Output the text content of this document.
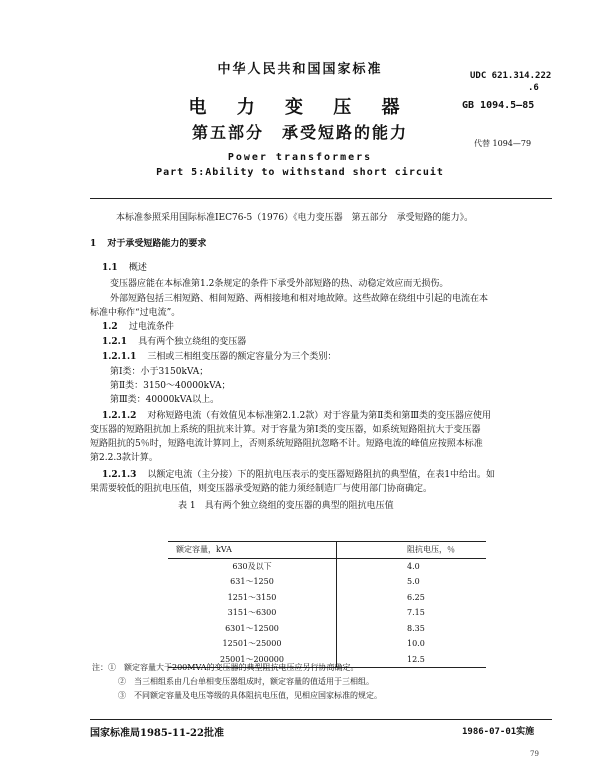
中华人民共和国国家标准	UDC 621.314.222
.6
GB 1094.5—85
代替 1094—79
电 力 变 压 器
第五部分　承受短路的能力
Power transformers
Part 5:Ability to withstand short circuit
本标准参照采用国际标准IEC76-5（1976）《电力变压器　第五部分　承受短路的能力》。
1 对于承受短路能力的要求
1.1 概述
变压器应能在本标准第1.2条规定的条件下承受外部短路的热、动稳定效应而无损伤。
外部短路包括三相短路、相间短路、两相接地和相对地故障。这些故障在绕组中引起的电流在本
标准中称作“过电流”。
1.2 过电流条件
1.2.1 具有两个独立绕组的变压器
1.2.1.1 三相或三相组变压器的额定容量分为三个类别：
第Ⅰ类：小于3150kVA；
第Ⅱ类：3150～40000kVA；
第Ⅲ类：40000kVA以上。
1.2.1.2 对称短路电流（有效值见本标准第2.1.2款）对于容量为第Ⅱ类和第Ⅲ类的变压器应使用
变压器的短路阻抗加上系统的阻抗来计算。对于容量为第Ⅰ类的变压器，如系统短路阻抗大于变压器
短路阻抗的5％时，短路电流计算同上，否则系统短路阻抗忽略不计。短路电流的峰值应按照本标准
第2.2.3款计算。
1.2.1.3 以额定电流（主分接）下的阻抗电压表示的变压器短路阻抗的典型值，在表1中给出。如
果需要较低的阻抗电压值，则变压器承受短路的能力须经制造厂与使用部门协商确定。
表 1　具有两个独立绕组的变压器的典型的阻抗电压值
额定容量，kVA	阻抗电压，％
630及以下	4.0
631～1250	5.0
1251～3150	6.25
3151～6300	7.15
6301～12500	8.35
12501～25000	10.0
25001～200000	12.5
注：①　额定容量大于200MVA的变压器的典型阻抗电压应另行协商确定。
②　当三相组系由几台单相变压器组成时，额定容量的值适用于三相组。
③　不同额定容量及电压等级的具体阻抗电压值，见相应国家标准的规定。
国家标准局1985-11-22批准	1986-07-01实施
79
